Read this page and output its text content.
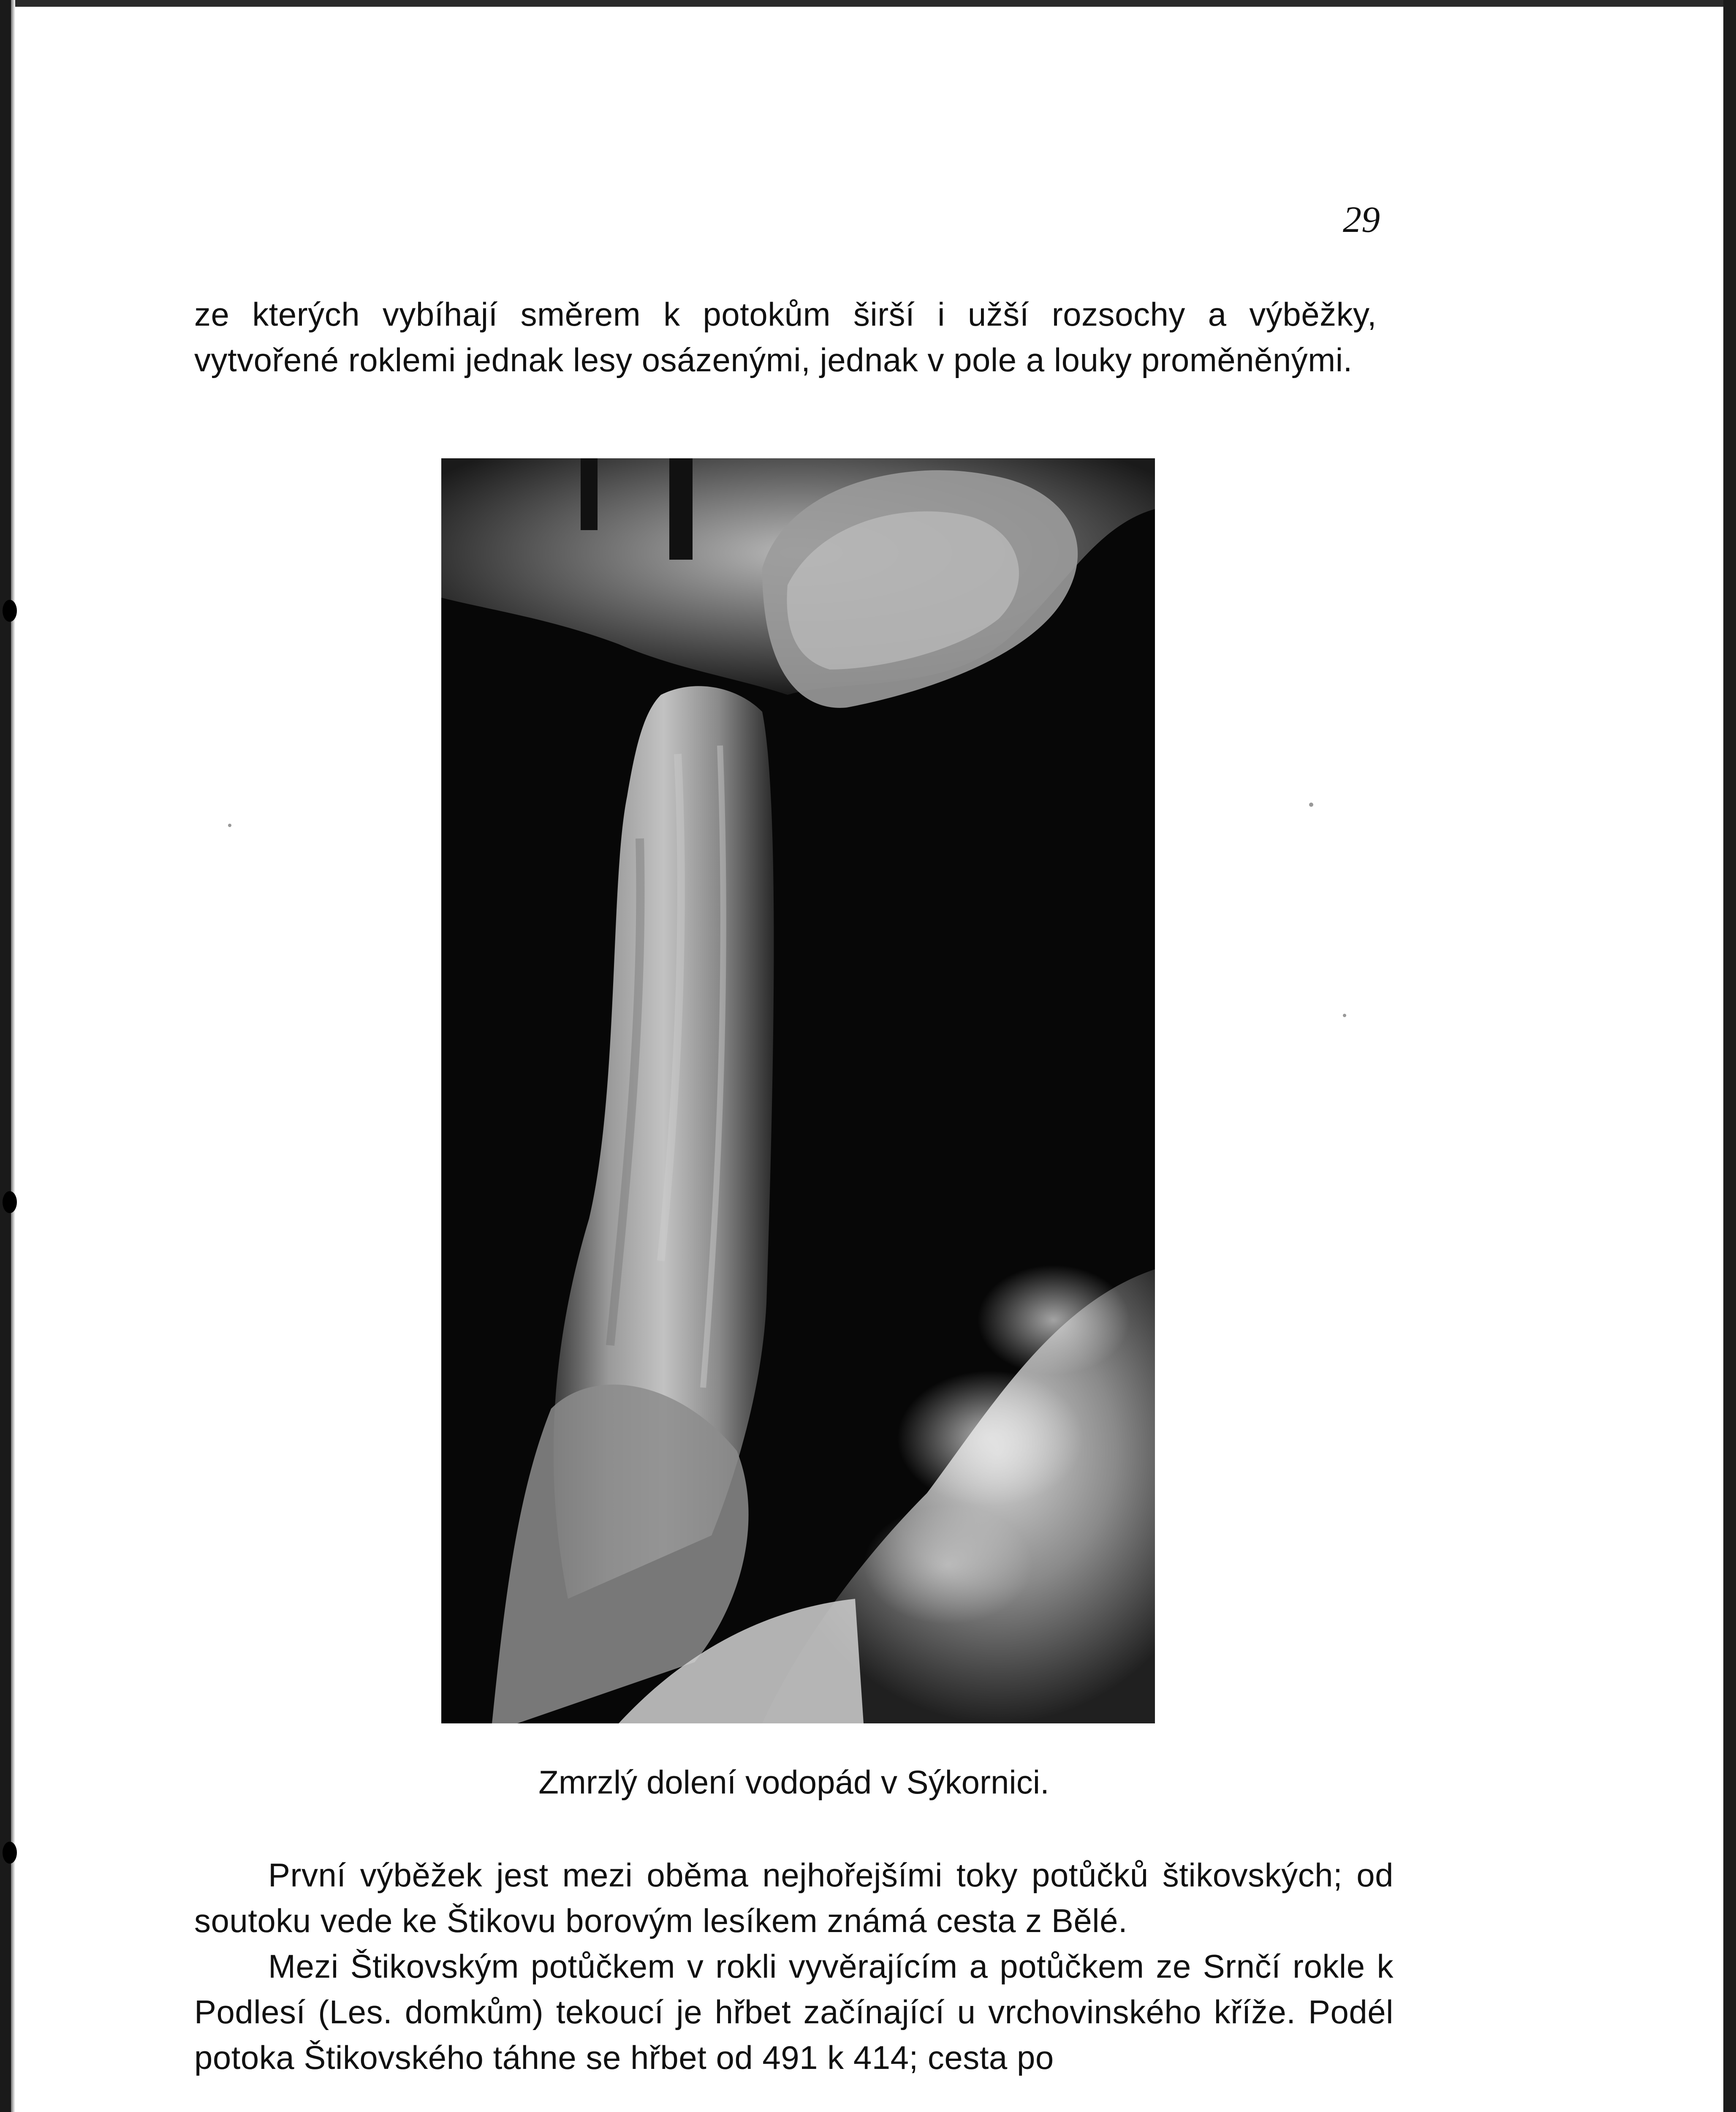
29
ze kterých vybíhají směrem k potokům širší i užší rozsochy a výběžky, vytvořené roklemi jednak lesy osázenými, jednak v pole a louky proměněnými.
Zmrzlý dolení vodopád v Sýkornici.

První výběžek jest mezi oběma nejhořejšími toky potůčků štikovských; od soutoku vede ke Štikovu borovým lesíkem známá cesta z Bělé.

Mezi Štikovským potůčkem v rokli vyvěrajícím a potůčkem ze Srnčí rokle k Podlesí (Les. domkům) tekoucí je hřbet začínající u vrchovinského kříže. Podél potoka Štikovského táhne se hřbet od 491 k 414; cesta po
